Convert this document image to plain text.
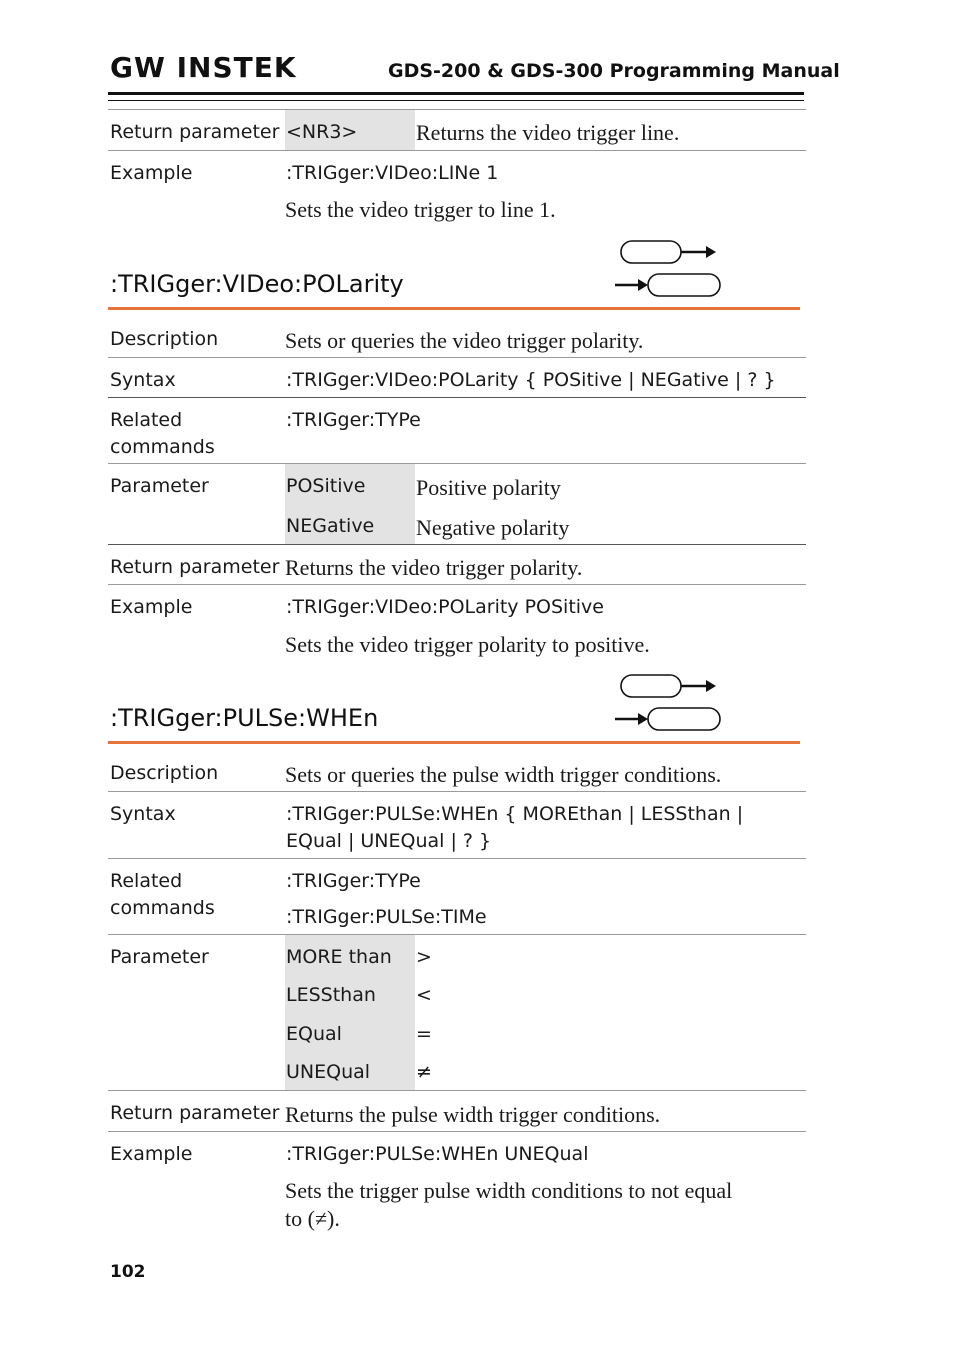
GW INSTEK	GDS-200 & GDS-300 Programming Manual
Return parameter <NR3>	Returns the video trigger line.
Example	:TRIGger:VIDeo:LINe 1
Sets the video trigger to line 1.
:TRIGger:VIDeo:POLarity
Description	Sets or queries the video trigger polarity.
Syntax	:TRIGger:VIDeo:POLarity { POSitive | NEGative | ? }
Related
commands
:TRIGger:TYPe
Parameter	POSitive Positive polarity
NEGative Negative polarity
Return parameter Returns the video trigger polarity.
Example	:TRIGger:VIDeo:POLarity POSitive
Sets the video trigger polarity to positive.
:TRIGger:PULSe:WHEn
Description	Sets or queries the pulse width trigger conditions.
Syntax	:TRIGger:PULSe:WHEn { MOREthan | LESSthan |
EQual | UNEQual | ? }
Related
commands
:TRIGger:TYPe
:TRIGger:PULSe:TIMe
Parameter	MORE than >
LESSthan <
EQual	=
UNEQual ≠
Return parameter Returns the pulse width trigger conditions.
Example	:TRIGger:PULSe:WHEn UNEQual
Sets the trigger pulse width conditions to not equal
to (≠).
102
